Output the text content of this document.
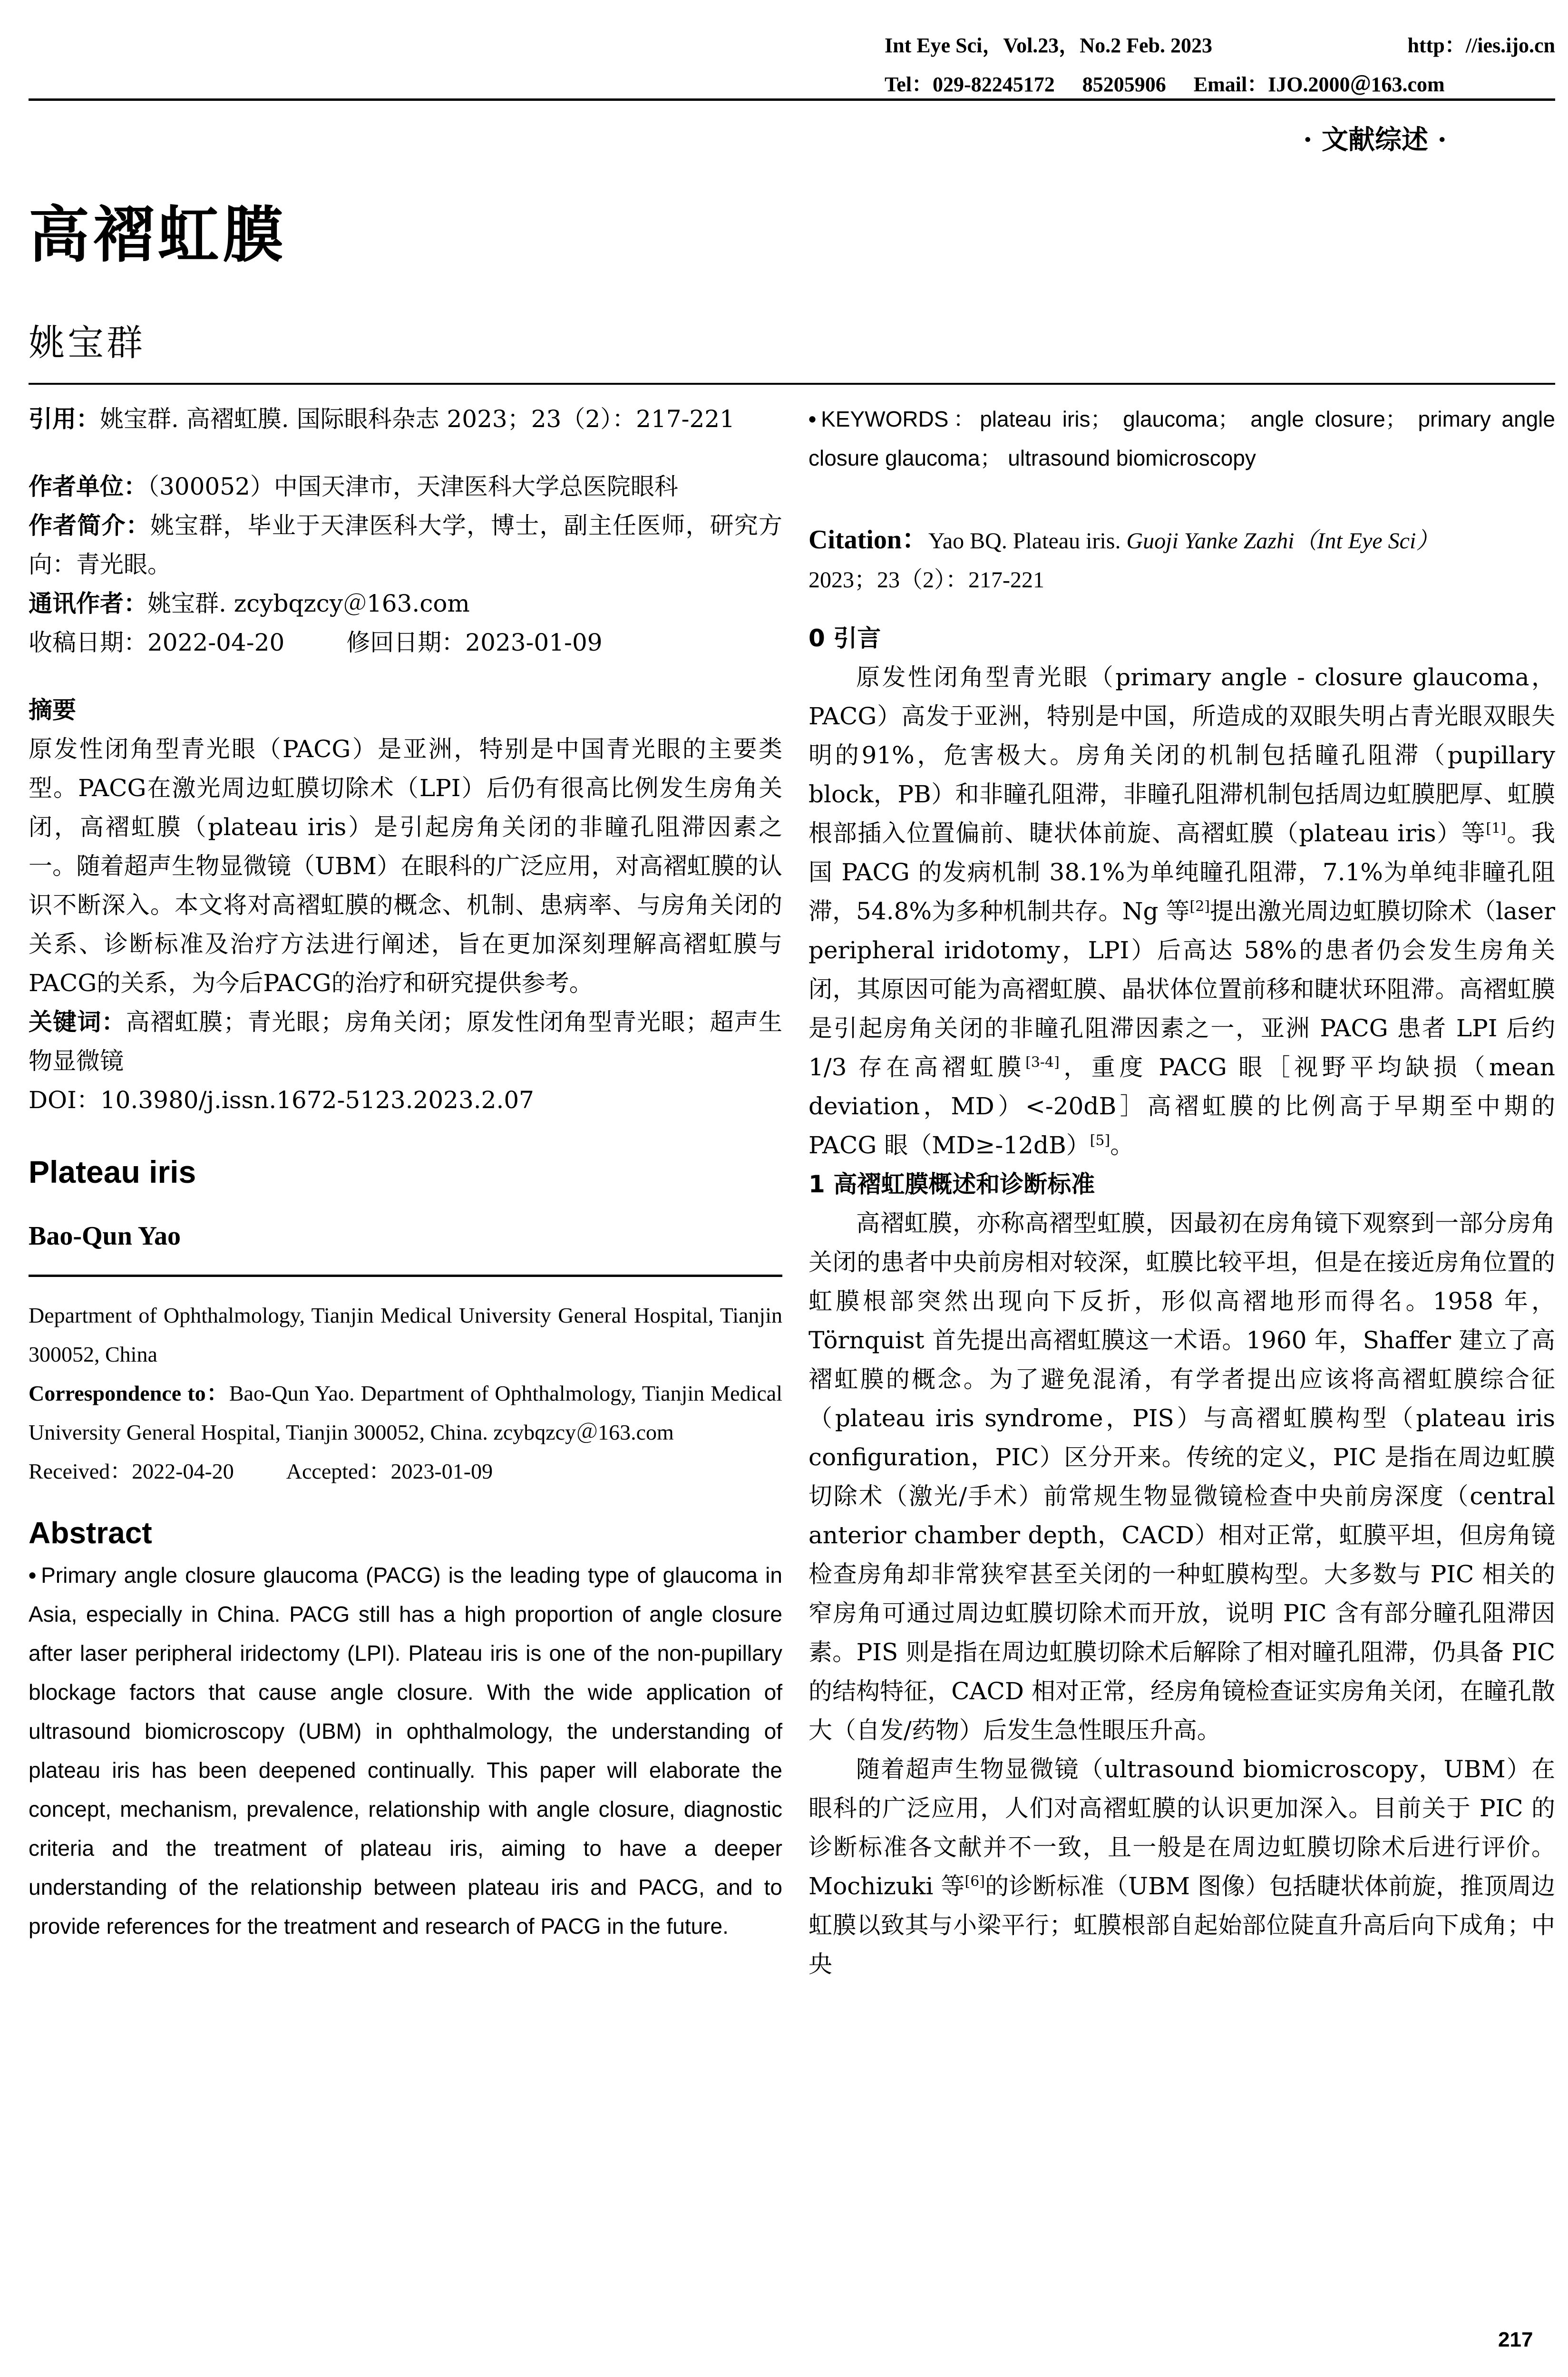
Int Eye Sci，Vol.23，No.2 Feb. 2023	http：//ies.ijo.cn
Tel：029-82245172 85205906 Email：IJO.2000＠163.com
· 文献综述 ·
高褶虹膜
姚宝群
引用：姚宝群. 高褶虹膜. 国际眼科杂志 2023；23（2）：217-221
作者单位：（300052）中国天津市，天津医科大学总医院眼科
作者简介：姚宝群，毕业于天津医科大学，博士，副主任医师，研究方向：青光眼。
通讯作者：姚宝群. zcybqzcy＠163.com
收稿日期：2022-04-20	修回日期：2023-01-09
摘要

原发性闭角型青光眼（PACG）是亚洲，特别是中国青光眼的主要类型。PACG在激光周边虹膜切除术（LPI）后仍有很高比例发生房角关闭，高褶虹膜（plateau iris）是引起房角关闭的非瞳孔阻滞因素之一。随着超声生物显微镜（UBM）在眼科的广泛应用，对高褶虹膜的认识不断深入。本文将对高褶虹膜的概念、机制、患病率、与房角关闭的关系、诊断标准及治疗方法进行阐述，旨在更加深刻理解高褶虹膜与PACG的关系，为今后PACG的治疗和研究提供参考。

关键词：高褶虹膜；青光眼；房角关闭；原发性闭角型青光眼；超声生物显微镜
DOI：10.3980/j.issn.1672-5123.2023.2.07
Plateau iris
Bao-Qun Yao
Department of Ophthalmology, Tianjin Medical University General Hospital, Tianjin 300052, China
Correspondence to：Bao-Qun Yao. Department of Ophthalmology, Tianjin Medical University General Hospital, Tianjin 300052, China. zcybqzcy＠163.com
Received：2022-04-20 Accepted：2023-01-09
Abstract

• Primary angle closure glaucoma (PACG) is the leading type of glaucoma in Asia, especially in China. PACG still has a high proportion of angle closure after laser peripheral iridectomy (LPI). Plateau iris is one of the non-pupillary blockage factors that cause angle closure. With the wide application of ultrasound biomicroscopy (UBM) in ophthalmology, the understanding of plateau iris has been deepened continually. This paper will elaborate the concept, mechanism, prevalence, relationship with angle closure, diagnostic criteria and the treatment of plateau iris, aiming to have a deeper understanding of the relationship between plateau iris and PACG, and to provide references for the treatment and research of PACG in the future.

• KEYWORDS：plateau iris； glaucoma； angle closure； primary angle closure glaucoma； ultrasound biomicroscopy

Citation：Yao BQ. Plateau iris. Guoji Yanke Zazhi（Int Eye Sci）
2023；23（2）：217-221

0 引言

原发性闭角型青光眼（primary angle - closure glaucoma，PACG）高发于亚洲，特别是中国，所造成的双眼失明占青光眼双眼失明的91%，危害极大。房角关闭的机制包括瞳孔阻滞（pupillary block，PB）和非瞳孔阻滞，非瞳孔阻滞机制包括周边虹膜肥厚、虹膜根部插入位置偏前、睫状体前旋、高褶虹膜（plateau iris）等[1]。我国 PACG 的发病机制 38.1%为单纯瞳孔阻滞，7.1%为单纯非瞳孔阻滞，54.8%为多种机制共存。Ng 等[2]提出激光周边虹膜切除术（laser peripheral iridotomy，LPI）后高达 58%的患者仍会发生房角关闭，其原因可能为高褶虹膜、晶状体位置前移和睫状环阻滞。高褶虹膜是引起房角关闭的非瞳孔阻滞因素之一，亚洲 PACG 患者 LPI 后约 1/3 存在高褶虹膜[3-4]，重度 PACG 眼［视野平均缺损（mean deviation，MD）<-20dB］高褶虹膜的比例高于早期至中期的 PACG 眼（MD≥-12dB）[5]。

1 高褶虹膜概述和诊断标准

高褶虹膜，亦称高褶型虹膜，因最初在房角镜下观察到一部分房角关闭的患者中央前房相对较深，虹膜比较平坦，但是在接近房角位置的虹膜根部突然出现向下反折，形似高褶地形而得名。1958 年，Törnquist 首先提出高褶虹膜这一术语。1960 年，Shaffer 建立了高褶虹膜的概念。为了避免混淆，有学者提出应该将高褶虹膜综合征（plateau iris syndrome，PIS）与高褶虹膜构型（plateau iris configuration，PIC）区分开来。传统的定义，PIC 是指在周边虹膜切除术（激光/手术）前常规生物显微镜检查中央前房深度（central anterior chamber depth，CACD）相对正常，虹膜平坦，但房角镜检查房角却非常狭窄甚至关闭的一种虹膜构型。大多数与 PIC 相关的窄房角可通过周边虹膜切除术而开放，说明 PIC 含有部分瞳孔阻滞因素。PIS 则是指在周边虹膜切除术后解除了相对瞳孔阻滞，仍具备 PIC 的结构特征，CACD 相对正常，经房角镜检查证实房角关闭，在瞳孔散大（自发/药物）后发生急性眼压升高。

随着超声生物显微镜（ultrasound biomicroscopy，UBM）在眼科的广泛应用，人们对高褶虹膜的认识更加深入。目前关于 PIC 的诊断标准各文献并不一致，且一般是在周边虹膜切除术后进行评价。Mochizuki 等[6]的诊断标准（UBM 图像）包括睫状体前旋，推顶周边虹膜以致其与小梁平行；虹膜根部自起始部位陡直升高后向下成角；中央

217
